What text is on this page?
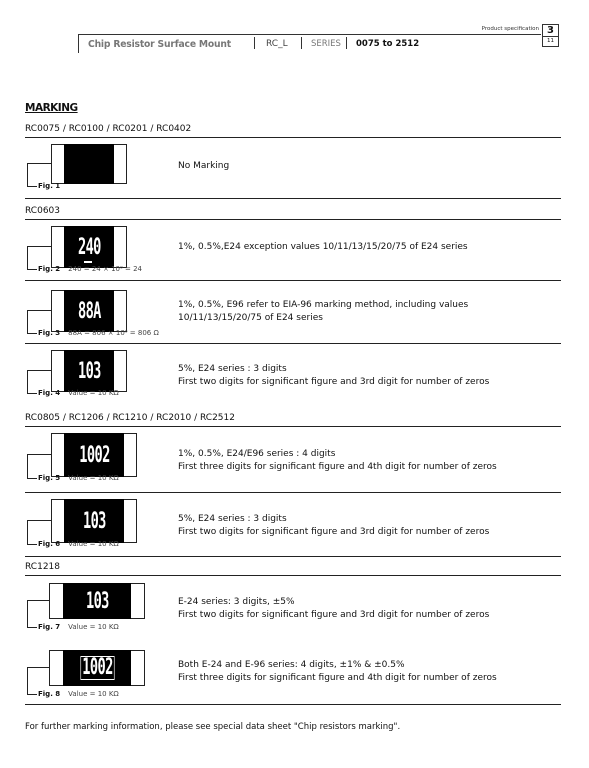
Product specification 3
11
Chip Resistor Surface Mount	RC_L	SERIES 0075 to 2512
MARKING
RC0075 / RC0100 / RC0201 / RC0402
Fig. 1
No Marking
RC0603
240
Fig. 2 240 = 24 × 10⁰ = 24
1%, 0.5%,E24 exception values 10/11/13/15/20/75 of E24 series
88A
Fig. 3 88A = 806 × 10⁰ = 806 Ω
1%, 0.5%, E96 refer to EIA-96 marking method, including values
10/11/13/15/20/75 of E24 series
103
Fig. 4 Value = 10 KΩ
5%, E24 series : 3 digits
First two digits for significant figure and 3rd digit for number of zeros
RC0805 / RC1206 / RC1210 / RC2010 / RC2512
1002
Fig. 5 Value = 10 KΩ
1%, 0.5%, E24/E96 series : 4 digits
First three digits for significant figure and 4th digit for number of zeros
103
Fig. 6 Value = 10 KΩ
5%, E24 series : 3 digits
First two digits for significant figure and 3rd digit for number of zeros
RC1218
103
Fig. 7 Value = 10 KΩ
E-24 series: 3 digits, ±5%
First two digits for significant figure and 3rd digit for number of zeros
1002
Fig. 8 Value = 10 KΩ
Both E-24 and E-96 series: 4 digits, ±1% & ±0.5%
First three digits for significant figure and 4th digit for number of zeros
For further marking information, please see special data sheet "Chip resistors marking".
